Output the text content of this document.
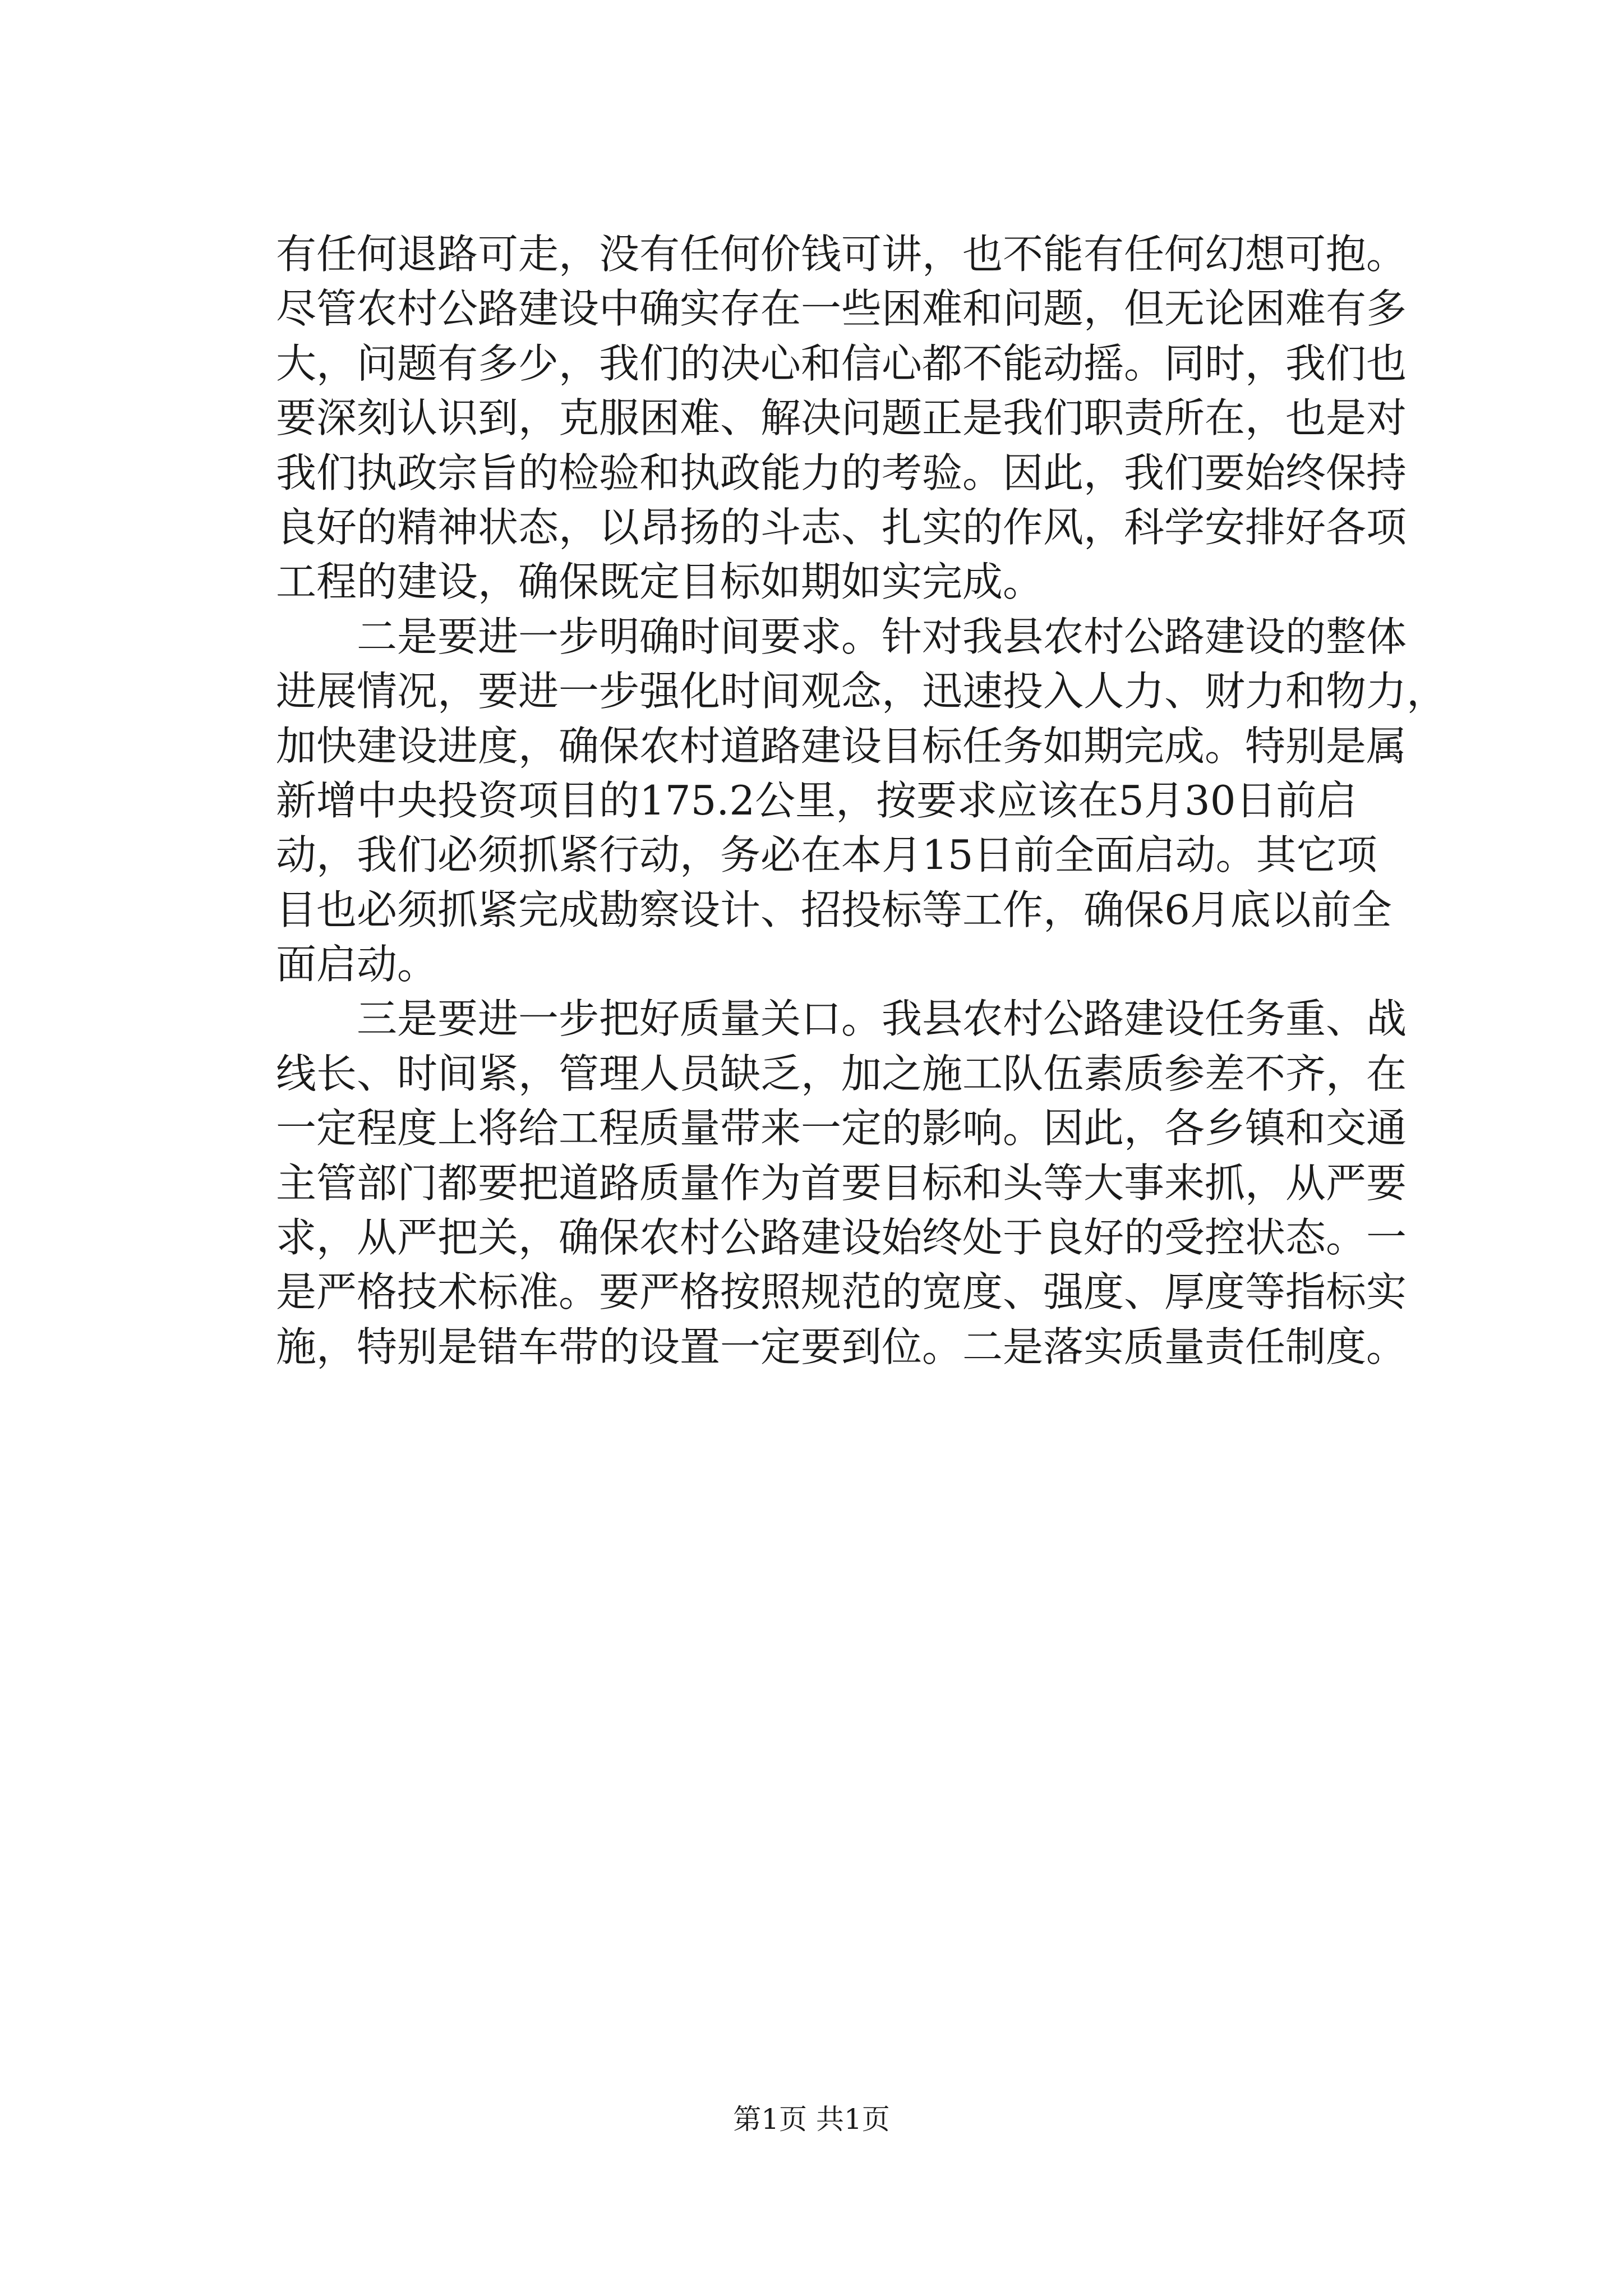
有任何退路可走，没有任何价钱可讲，也不能有任何幻想可抱。
尽管农村公路建设中确实存在一些困难和问题，但无论困难有多
大，问题有多少，我们的决心和信心都不能动摇。同时，我们也
要深刻认识到，克服困难、解决问题正是我们职责所在，也是对
我们执政宗旨的检验和执政能力的考验。因此，我们要始终保持
良好的精神状态，以昂扬的斗志、扎实的作风，科学安排好各项
工程的建设，确保既定目标如期如实完成。
　　二是要进一步明确时间要求。针对我县农村公路建设的整体
进展情况，要进一步强化时间观念，迅速投入人力、财力和物力，
加快建设进度，确保农村道路建设目标任务如期完成。特别是属
新增中央投资项目的175.2公里，按要求应该在5月30日前启
动，我们必须抓紧行动，务必在本月15日前全面启动。其它项
目也必须抓紧完成勘察设计、招投标等工作，确保6月底以前全
面启动。
　　三是要进一步把好质量关口。我县农村公路建设任务重、战
线长、时间紧，管理人员缺乏，加之施工队伍素质参差不齐，在
一定程度上将给工程质量带来一定的影响。因此，各乡镇和交通
主管部门都要把道路质量作为首要目标和头等大事来抓，从严要
求，从严把关，确保农村公路建设始终处于良好的受控状态。一
是严格技术标准。要严格按照规范的宽度、强度、厚度等指标实
施，特别是错车带的设置一定要到位。二是落实质量责任制度。
第1页 共1页
